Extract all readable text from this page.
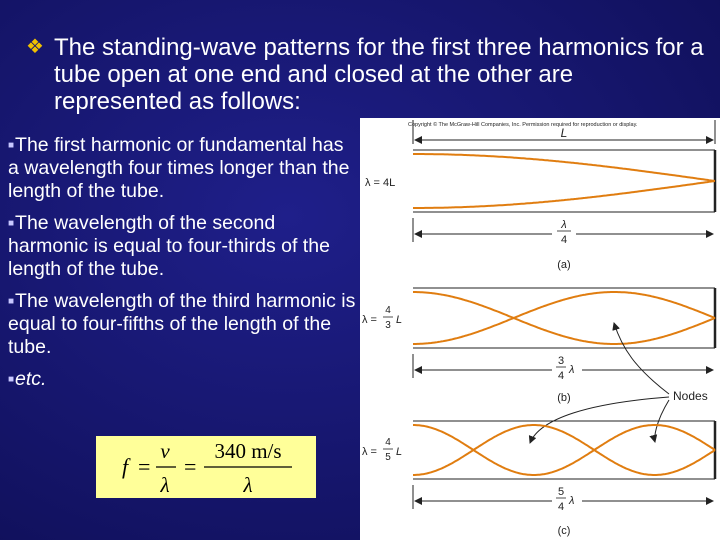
❖ The standing-wave patterns for the first three harmonics for a tube open at one end and closed at the other are represented as follows:
■The first harmonic or fundamental has a wavelength four times longer than the length of the tube.
■The wavelength of the second harmonic is equal to four-thirds of the length of the tube.
■The wavelength of the third harmonic is equal to four-fifths of the length of the tube.
■etc.
f =
v
λ
=
340 m/s
λ
Copyright © The McGraw-Hill Companies, Inc. Permission required for reproduction or display.
L
λ = 4L
λ
4
(a)
λ =
4
3 L
3
4 λ
(b)	Nodes
λ =
4
5 L
5
4 λ
(c)
